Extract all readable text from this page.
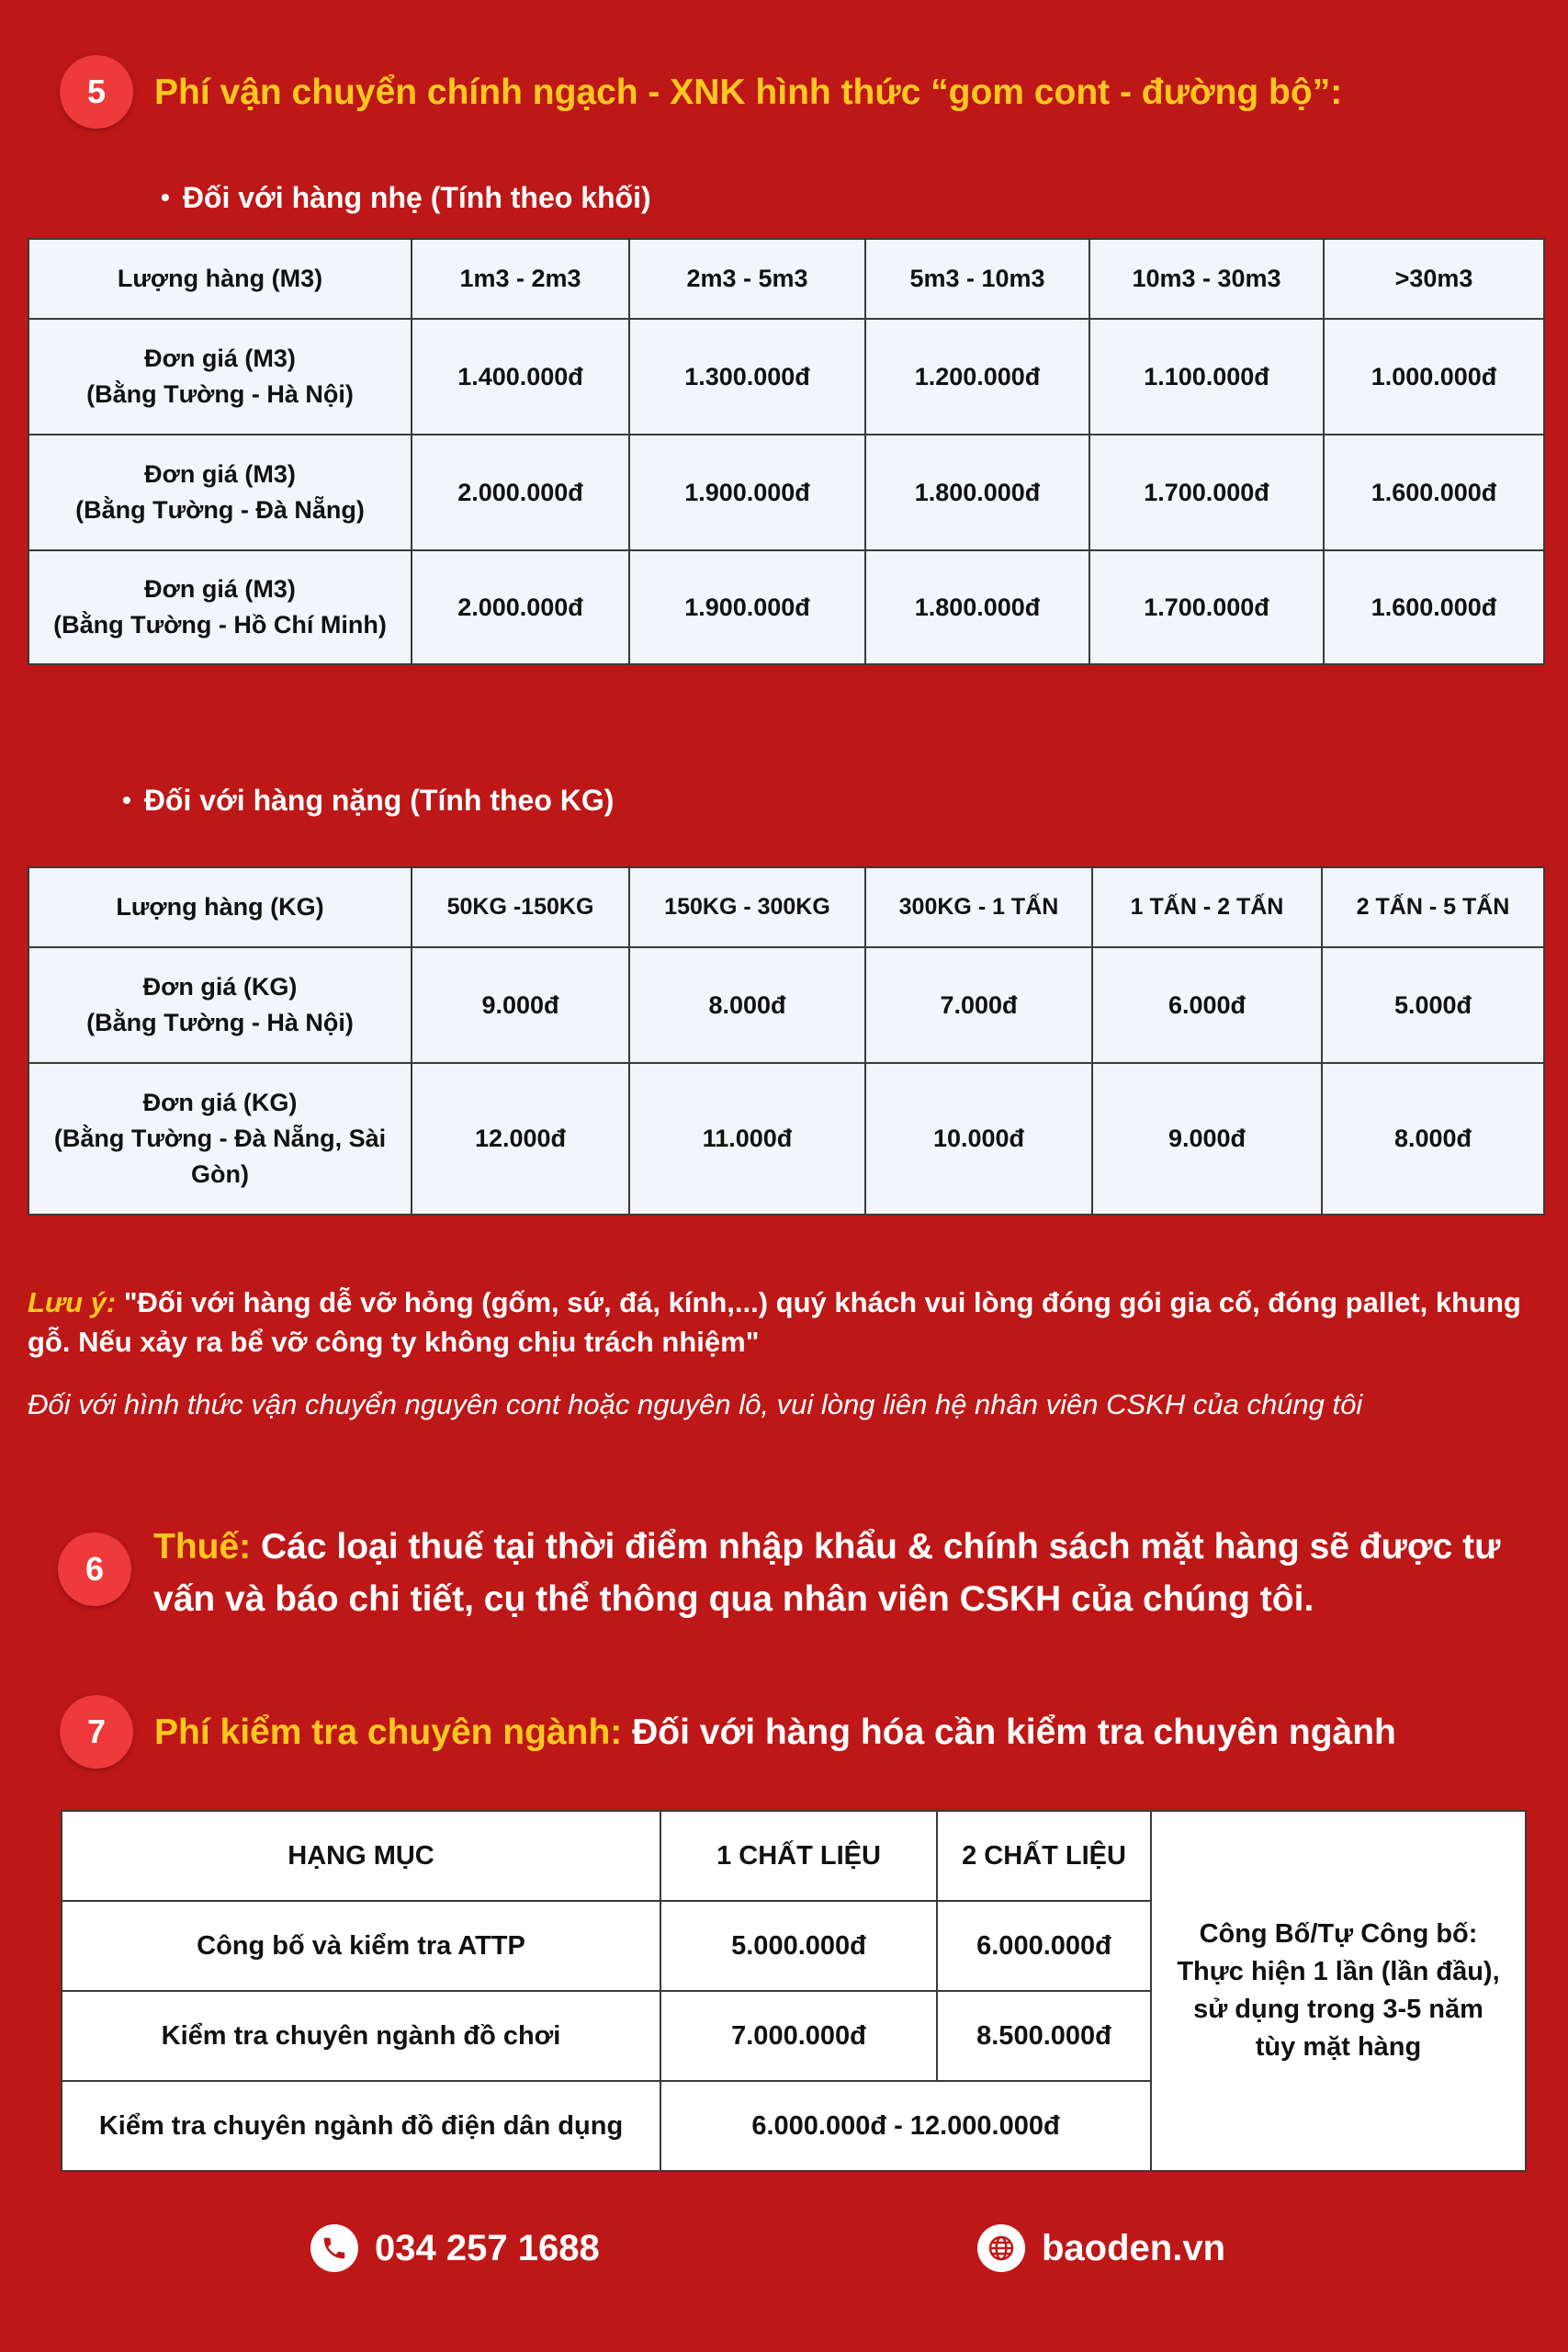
5	Phí vận chuyển chính ngạch - XNK hình thức “gom cont - đường bộ”:
• Đối với hàng nhẹ (Tính theo khối)
Lượng hàng (M3)	1m3 - 2m3	2m3 - 5m3	5m3 - 10m3	10m3 - 30m3	>30m3
Đơn giá (M3)
(Bằng Tường - Hà Nội)	1.400.000đ	1.300.000đ	1.200.000đ	1.100.000đ	1.000.000đ
Đơn giá (M3)
(Bằng Tường - Đà Nẵng)	2.000.000đ	1.900.000đ	1.800.000đ	1.700.000đ	1.600.000đ
Đơn giá (M3)
(Bằng Tường - Hồ Chí Minh)	2.000.000đ	1.900.000đ	1.800.000đ	1.700.000đ	1.600.000đ
• Đối với hàng nặng (Tính theo KG)
Lượng hàng (KG)	50KG -150KG	150KG - 300KG	300KG - 1 TẤN	1 TẤN - 2 TẤN	2 TẤN - 5 TẤN
Đơn giá (KG)
(Bằng Tường - Hà Nội)	9.000đ	8.000đ	7.000đ	6.000đ	5.000đ
Đơn giá (KG)
(Bằng Tường - Đà Nẵng, Sài Gòn)	12.000đ	11.000đ	10.000đ	9.000đ	8.000đ
Lưu ý: "Đối với hàng dễ vỡ hỏng (gốm, sứ, đá, kính,...) quý khách vui lòng đóng gói gia cố, đóng pallet, khung gỗ. Nếu xảy ra bể vỡ công ty không chịu trách nhiệm"
Đối với hình thức vận chuyển nguyên cont hoặc nguyên lô, vui lòng liên hệ nhân viên CSKH của chúng tôi
6
Thuế: Các loại thuế tại thời điểm nhập khẩu & chính sách mặt hàng sẽ được tư vấn và báo chi tiết, cụ thể thông qua nhân viên CSKH của chúng tôi.
7	Phí kiểm tra chuyên ngành: Đối với hàng hóa cần kiểm tra chuyên ngành
HẠNG MỤC	1 CHẤT LIỆU	2 CHẤT LIỆU	Công Bố/Tự Công bố: Thực hiện 1 lần (lần đầu), sử dụng trong 3-5 năm tùy mặt hàng
Công bố và kiểm tra ATTP	5.000.000đ	6.000.000đ	
Kiểm tra chuyên ngành đồ chơi	7.000.000đ	8.500.000đ	
Kiểm tra chuyên ngành đồ điện dân dụng	6.000.000đ - 12.000.000đ		
034 257 1688	baoden.vn
